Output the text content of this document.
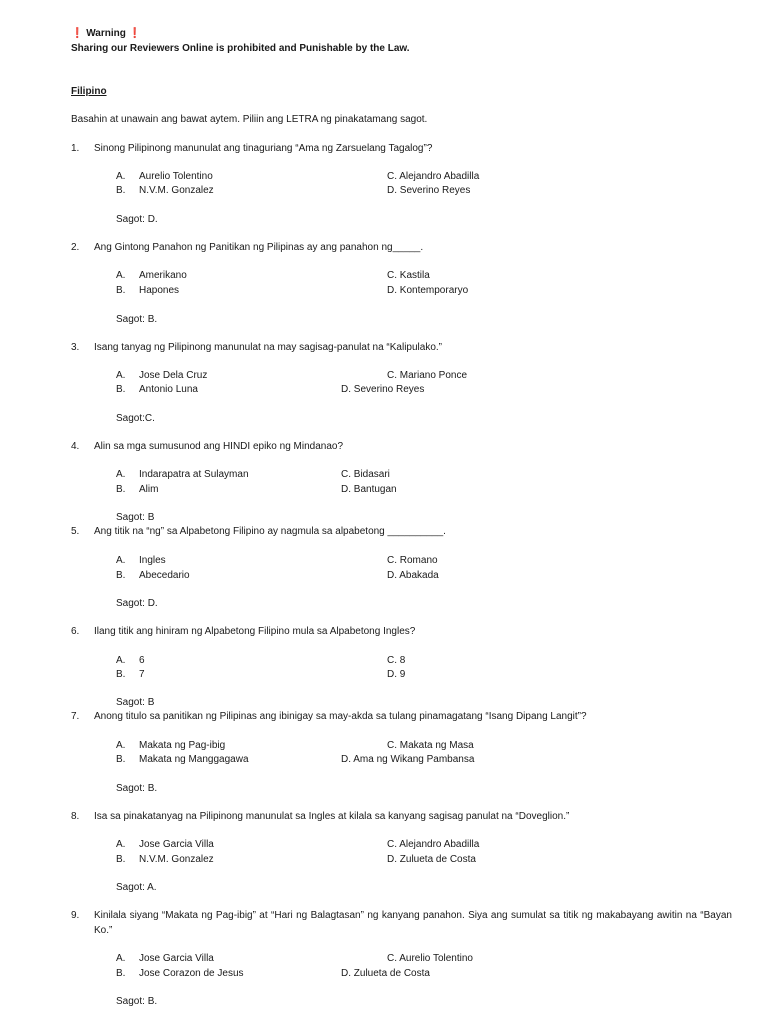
❗ Warning ❗
Sharing our Reviewers Online is prohibited and Punishable by the Law.
Filipino
Basahin at unawain ang bawat aytem. Piliin ang LETRA ng pinakatamang sagot.
1. Sinong Pilipinong manunulat ang tinaguriang “Ama ng Zarsuelang Tagalog”?
A. Aurelio Tolentino	C. Alejandro Abadilla
B. N.V.M. Gonzalez	D. Severino Reyes
Sagot: D.
2. Ang Gintong Panahon ng Panitikan ng Pilipinas ay ang panahon ng_____.
A. Amerikano	C. Kastila
B. Hapones	D. Kontemporaryo
Sagot: B.
3. Isang tanyag ng Pilipinong manunulat na may sagisag-panulat na “Kalipulako.”
A. Jose Dela Cruz	C. Mariano Ponce
B. Antonio Luna	D. Severino Reyes
Sagot:C.
4. Alin sa mga sumusunod ang HINDI epiko ng Mindanao?
A. Indarapatra at Sulayman	C. Bidasari
B. Alim	D. Bantugan
Sagot: B
5. Ang titik na “ng” sa Alpabetong Filipino ay nagmula sa alpabetong __________.
A. Ingles	C. Romano
B. Abecedario	D. Abakada
Sagot: D.
6. Ilang titik ang hiniram ng Alpabetong Filipino mula sa Alpabetong Ingles?
A. 6	C. 8
B. 7	D. 9
Sagot: B
7. Anong titulo sa panitikan ng Pilipinas ang ibinigay sa may-akda sa tulang pinamagatang “Isang Dipang Langit”?
A. Makata ng Pag-ibig	C. Makata ng Masa
B. Makata ng Manggagawa	D. Ama ng Wikang Pambansa
Sagot: B.
8. Isa sa pinakatanyag na Pilipinong manunulat sa Ingles at kilala sa kanyang sagisag panulat na “Doveglion.”
A. Jose Garcia Villa	C. Alejandro Abadilla
B. N.V.M. Gonzalez	D. Zulueta de Costa
Sagot: A.
9. Kinilala siyang “Makata ng Pag-ibig” at “Hari ng Balagtasan” ng kanyang panahon. Siya ang sumulat sa titik ng makabayang awitin na “Bayan Ko.”
A. Jose Garcia Villa	C. Aurelio Tolentino
B. Jose Corazon de Jesus	D. Zulueta de Costa
Sagot: B.
